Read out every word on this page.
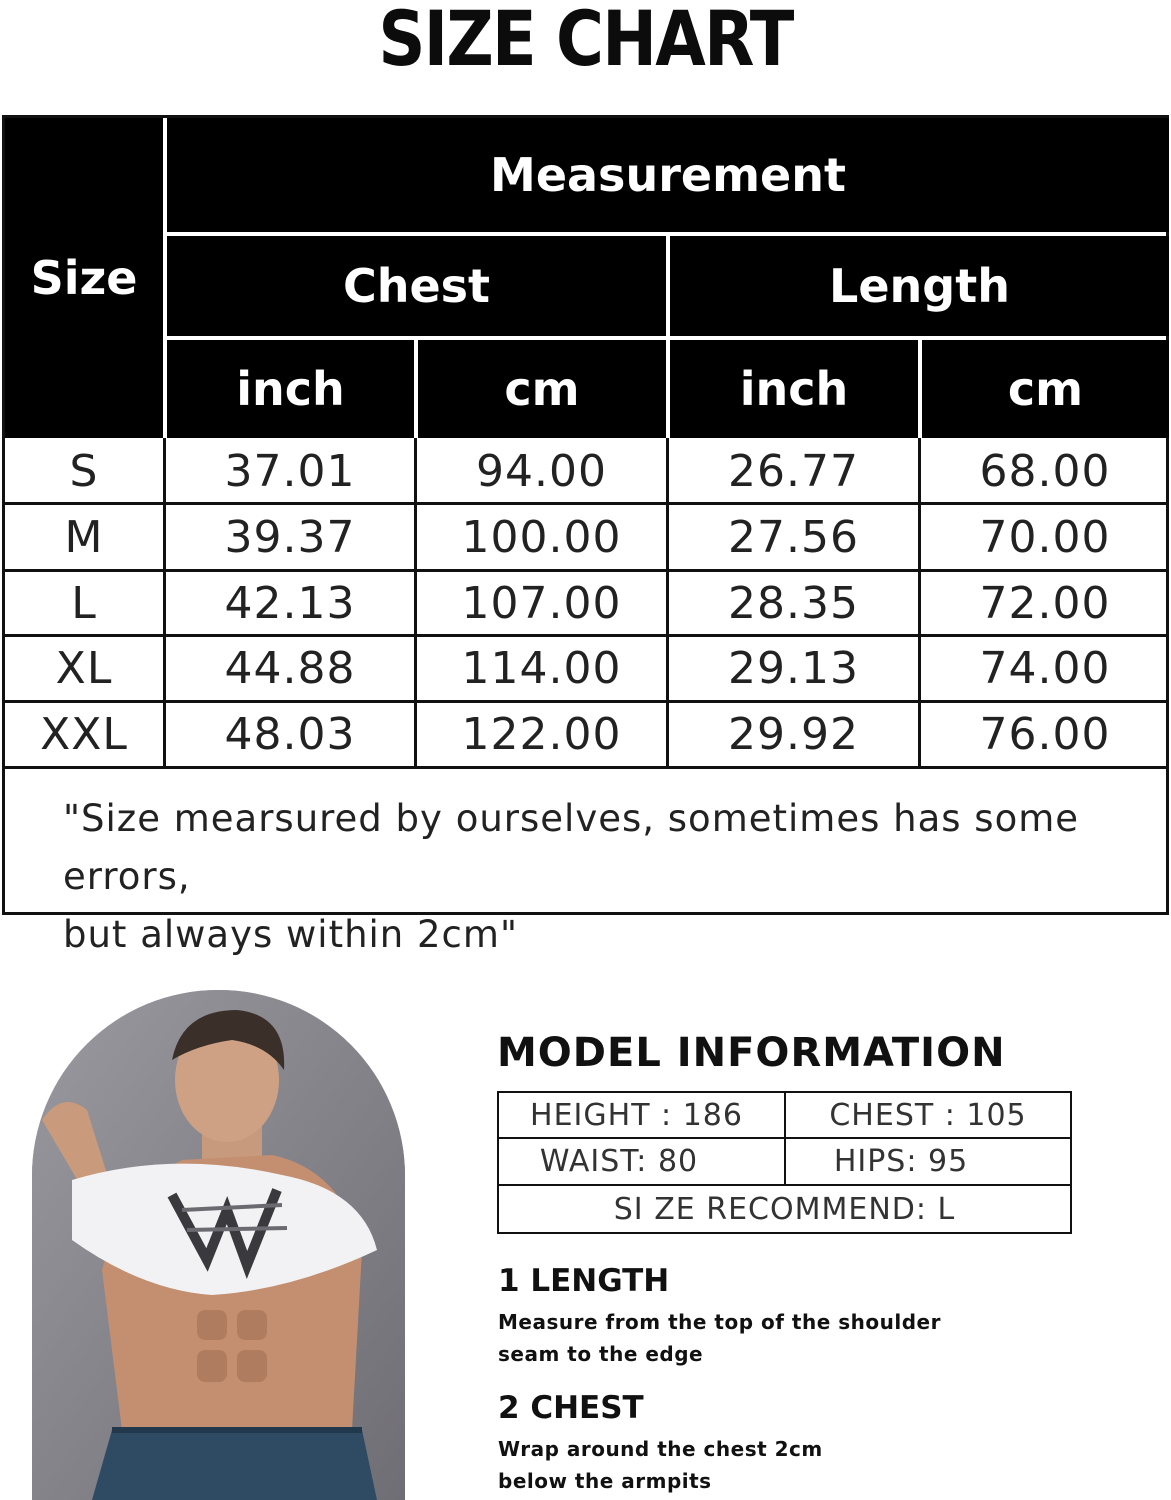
SIZE CHART
Size
Measurement
Chest	Length
inch	cm	inch	cm
S	37.01	94.00	26.77	68.00
M	39.37	100.00	27.56	70.00
L	42.13	107.00	28.35	72.00
XL	44.88	114.00	29.13	74.00
XXL	48.03	122.00	29.92	76.00
"Size mearsured by ourselves, sometimes has some errors,
but always within 2cm"
MODEL INFORMATION
HEIGHT : 186	CHEST : 105
WAIST: 80	HIPS: 95
SI ZE RECOMMEND: L
1 LENGTH
Measure from the top of the shoulder
seam to the edge
2 CHEST
Wrap around the chest 2cm
below the armpits
